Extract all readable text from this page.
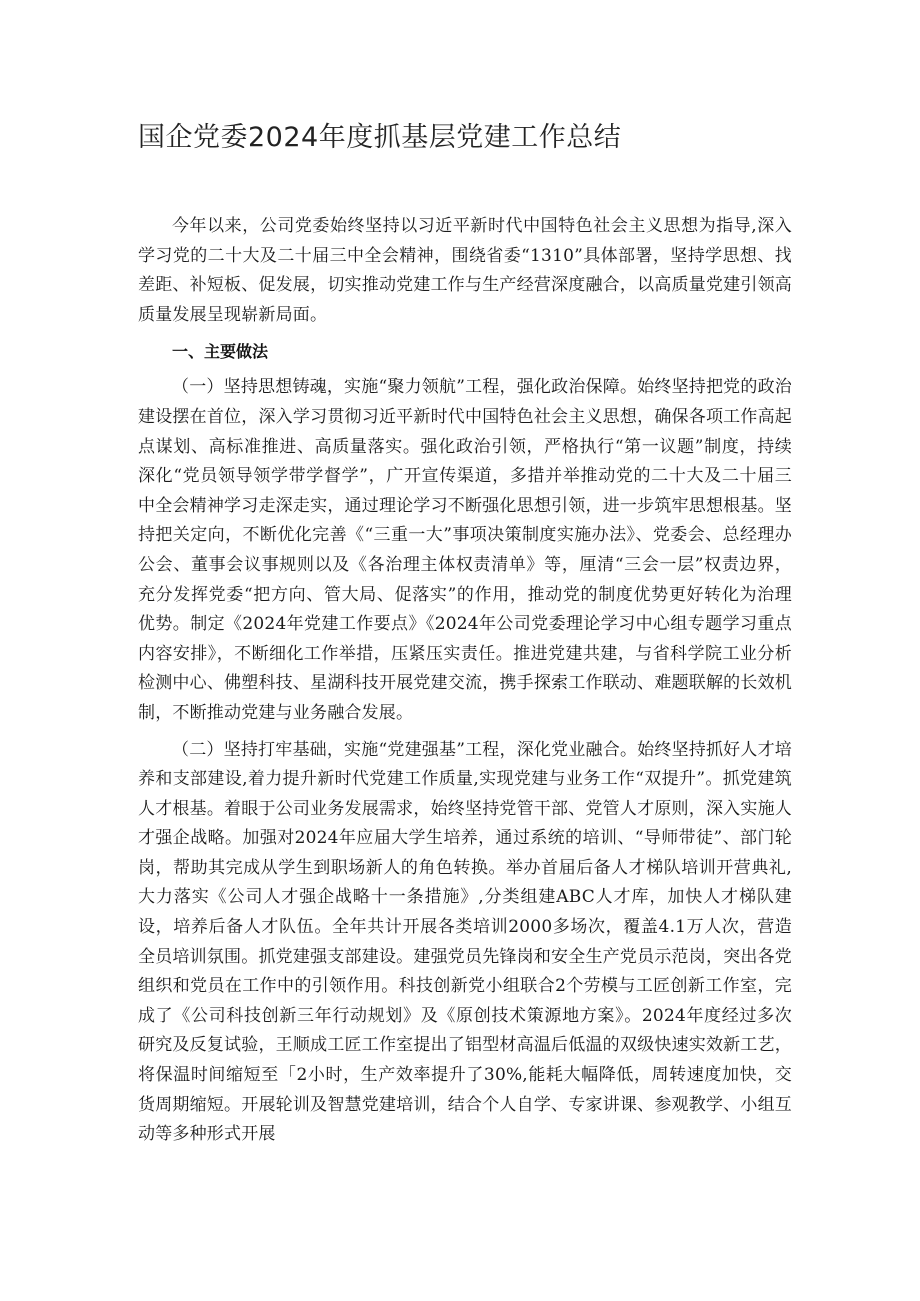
国企党委2024年度抓基层党建工作总结

今年以来，公司党委始终坚持以习近平新时代中国特色社会主义思想为指导,深入学习党的二十大及二十届三中全会精神，围绕省委“1310”具体部署，坚持学思想、找差距、补短板、促发展，切实推动党建工作与生产经营深度融合，以高质量党建引领高质量发展呈现崭新局面。

一、主要做法

（一）坚持思想铸魂，实施“聚力领航”工程，强化政治保障。始终坚持把党的政治建设摆在首位，深入学习贯彻习近平新时代中国特色社会主义思想，确保各项工作高起点谋划、高标准推进、高质量落实。强化政治引领，严格执行“第一议题”制度，持续深化“党员领导领学带学督学”，广开宣传渠道，多措并举推动党的二十大及二十届三中全会精神学习走深走实，通过理论学习不断强化思想引领，进一步筑牢思想根基。坚持把关定向，不断优化完善《“三重一大”事项决策制度实施办法》、党委会、总经理办公会、董事会议事规则以及《各治理主体权责清单》等，厘清“三会一层”权责边界，充分发挥党委“把方向、管大局、促落实”的作用，推动党的制度优势更好转化为治理优势。制定《2024年党建工作要点》《2024年公司党委理论学习中心组专题学习重点内容安排》，不断细化工作举措，压紧压实责任。推进党建共建，与省科学院工业分析检测中心、佛塑科技、星湖科技开展党建交流，携手探索工作联动、难题联解的长效机制，不断推动党建与业务融合发展。

（二）坚持打牢基础，实施“党建强基”工程，深化党业融合。始终坚持抓好人才培养和支部建设,着力提升新时代党建工作质量,实现党建与业务工作“双提升”。抓党建筑人才根基。着眼于公司业务发展需求，始终坚持党管干部、党管人才原则，深入实施人才强企战略。加强对2024年应届大学生培养，通过系统的培训、“导师带徒”、部门轮岗，帮助其完成从学生到职场新人的角色转换。举办首届后备人才梯队培训开营典礼,大力落实《公司人才强企战略十一条措施》,分类组建ABC人才库，加快人才梯队建设，培养后备人才队伍。全年共计开展各类培训2000多场次，覆盖4.1万人次，营造全员培训氛围。抓党建强支部建设。建强党员先锋岗和安全生产党员示范岗，突出各党组织和党员在工作中的引领作用。科技创新党小组联合2个劳模与工匠创新工作室，完成了《公司科技创新三年行动规划》及《原创技术策源地方案》。2024年度经过多次研究及反复试验，王顺成工匠工作室提出了铝型材高温后低温的双级快速实效新工艺，将保温时间缩短至「2小时，生产效率提升了30%,能耗大幅降低，周转速度加快，交货周期缩短。开展轮训及智慧党建培训，结合个人自学、专家讲课、参观教学、小组互动等多种形式开展
